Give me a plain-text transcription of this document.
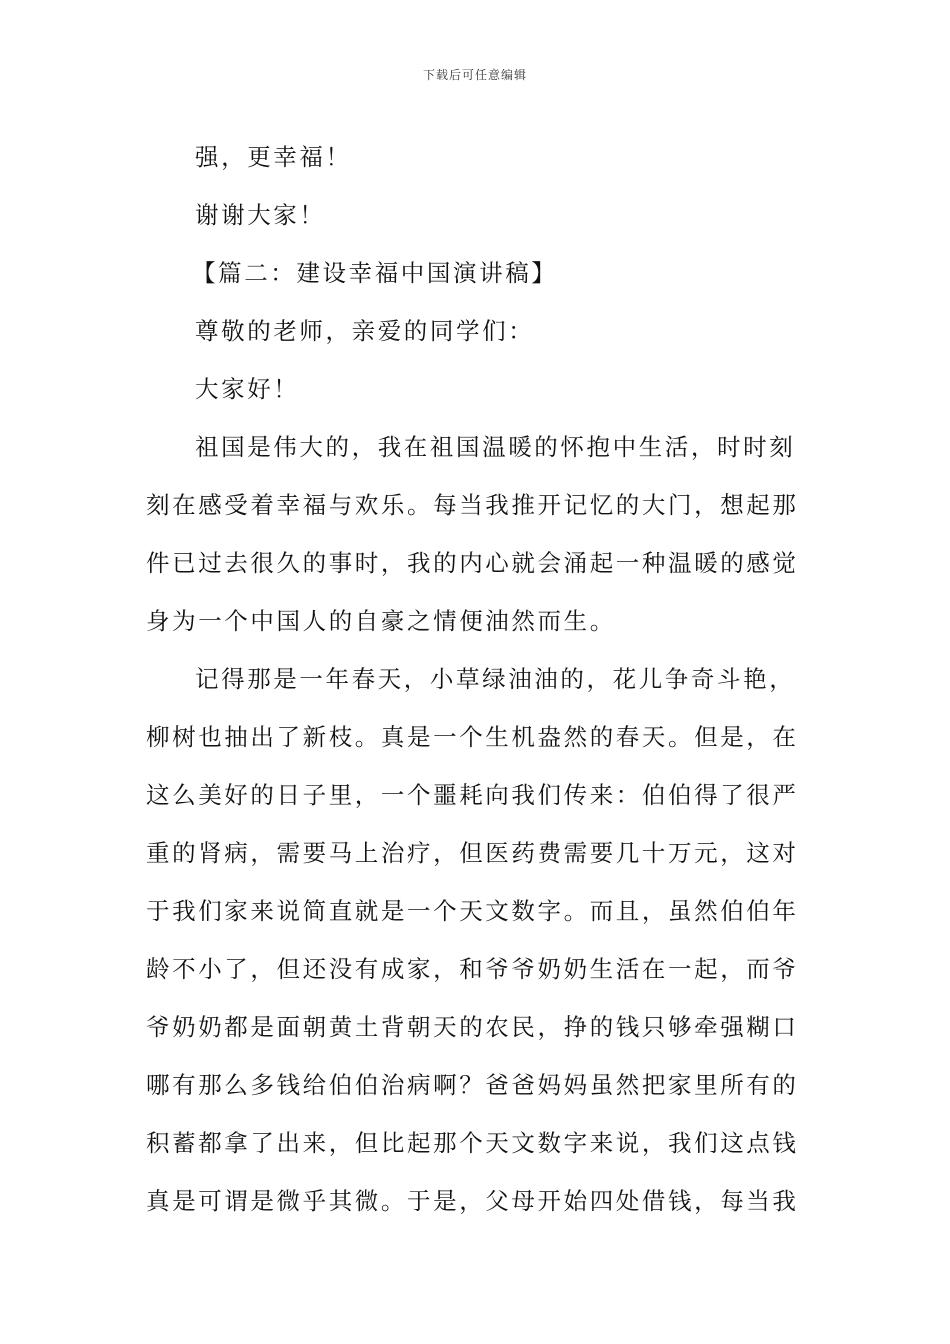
下载后可任意编辑
强，更幸福！
谢谢大家！
【篇二：建设幸福中国演讲稿】
尊敬的老师，亲爱的同学们：
大家好！
祖国是伟大的，我在祖国温暖的怀抱中生活，时时刻
刻在感受着幸福与欢乐。每当我推开记忆的大门，想起那
件已过去很久的事时，我的内心就会涌起一种温暖的感觉
身为一个中国人的自豪之情便油然而生。
记得那是一年春天，小草绿油油的，花儿争奇斗艳，
柳树也抽出了新枝。真是一个生机盎然的春天。但是，在
这么美好的日子里，一个噩耗向我们传来：伯伯得了很严
重的肾病，需要马上治疗，但医药费需要几十万元，这对
于我们家来说简直就是一个天文数字。而且，虽然伯伯年
龄不小了，但还没有成家，和爷爷奶奶生活在一起，而爷
爷奶奶都是面朝黄土背朝天的农民，挣的钱只够牵强糊口
哪有那么多钱给伯伯治病啊？爸爸妈妈虽然把家里所有的
积蓄都拿了出来，但比起那个天文数字来说，我们这点钱
真是可谓是微乎其微。于是，父母开始四处借钱，每当我
